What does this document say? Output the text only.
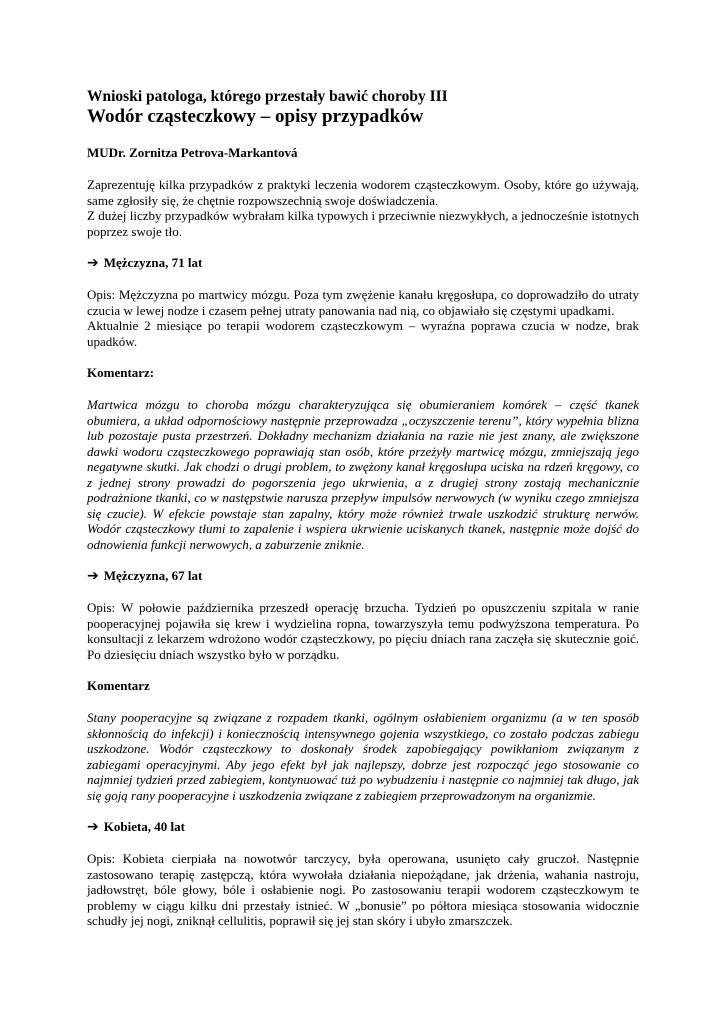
Wnioski patologa, którego przestały bawić choroby III
Wodór cząsteczkowy – opisy przypadków
MUDr. Zornitza Petrova-Markantová

Zaprezentuję kilka przypadków z praktyki leczenia wodorem cząsteczkowym. Osoby, które go używają, same zgłosiły się, że chętnie rozpowszechnią swoje doświadczenia.

Z dużej liczby przypadków wybrałam kilka typowych i przeciwnie niezwykłych, a jednocześnie istotnych poprzez swoje tło.

➔ Mężczyzna, 71 lat

Opis: Mężczyzna po martwicy mózgu. Poza tym zwężenie kanału kręgosłupa, co doprowadziło do utraty czucia w lewej nodze i czasem pełnej utraty panowania nad nią, co objawiało się częstymi upadkami.

Aktualnie 2 miesiące po terapii wodorem cząsteczkowym – wyraźna poprawa czucia w nodze, brak upadków.

Komentarz:

Martwica mózgu to choroba mózgu charakteryzująca się obumieraniem komórek – część tkanek obumiera, a układ odpornościowy następnie przeprowadza „oczyszczenie terenu”, który wypełnia blizna lub pozostaje pusta przestrzeń. Dokładny mechanizm działania na razie nie jest znany, ale zwiększone dawki wodoru cząsteczkowego poprawiają stan osób, które przeżyły martwicę mózgu, zmniejszają jego negatywne skutki. Jak chodzi o drugi problem, to zwężony kanał kręgosłupa uciska na rdzeń kręgowy, co z jednej strony prowadzi do pogorszenia jego ukrwienia, a z drugiej strony zostają mechanicznie podrażnione tkanki, co w następstwie narusza przepływ impulsów nerwowych (w wyniku czego zmniejsza się czucie). W efekcie powstaje stan zapalny, który może również trwale uszkodzić strukturę nerwów. Wodór cząsteczkowy tłumi to zapalenie i wspiera ukrwienie uciskanych tkanek, następnie może dojść do odnowienia funkcji nerwowych, a zaburzenie zniknie.

➔ Mężczyzna, 67 lat

Opis: W połowie października przeszedł operację brzucha. Tydzień po opuszczeniu szpitala w ranie pooperacyjnej pojawiła się krew i wydzielina ropna, towarzyszyła temu podwyższona temperatura. Po konsultacji z lekarzem wdrożono wodór cząsteczkowy, po pięciu dniach rana zaczęła się skutecznie goić. Po dziesięciu dniach wszystko było w porządku.

Komentarz

Stany pooperacyjne są związane z rozpadem tkanki, ogólnym osłabieniem organizmu (a w ten sposób skłonnością do infekcji) i koniecznością intensywnego gojenia wszystkiego, co zostało podczas zabiegu uszkodzone. Wodór cząsteczkowy to doskonały środek zapobiegający powikłaniom związanym z zabiegami operacyjnymi. Aby jego efekt był jak najlepszy, dobrze jest rozpocząć jego stosowanie co najmniej tydzień przed zabiegiem, kontynuować tuż po wybudzeniu i następnie co najmniej tak długo, jak się goją rany pooperacyjne i uszkodzenia związane z zabiegiem przeprowadzonym na organizmie.

➔ Kobieta, 40 lat

Opis: Kobieta cierpiała na nowotwór tarczycy, była operowana, usunięto cały gruczoł. Następnie zastosowano terapię zastępczą, która wywołała działania niepożądane, jak drżenia, wahania nastroju, jadłowstręt, bóle głowy, bóle i osłabienie nogi. Po zastosowaniu terapii wodorem cząsteczkowym te problemy w ciągu kilku dni przestały istnieć. W „bonusie” po półtora miesiąca stosowania widocznie schudły jej nogi, zniknął cellulitis, poprawił się jej stan skóry i ubyło zmarszczek.
